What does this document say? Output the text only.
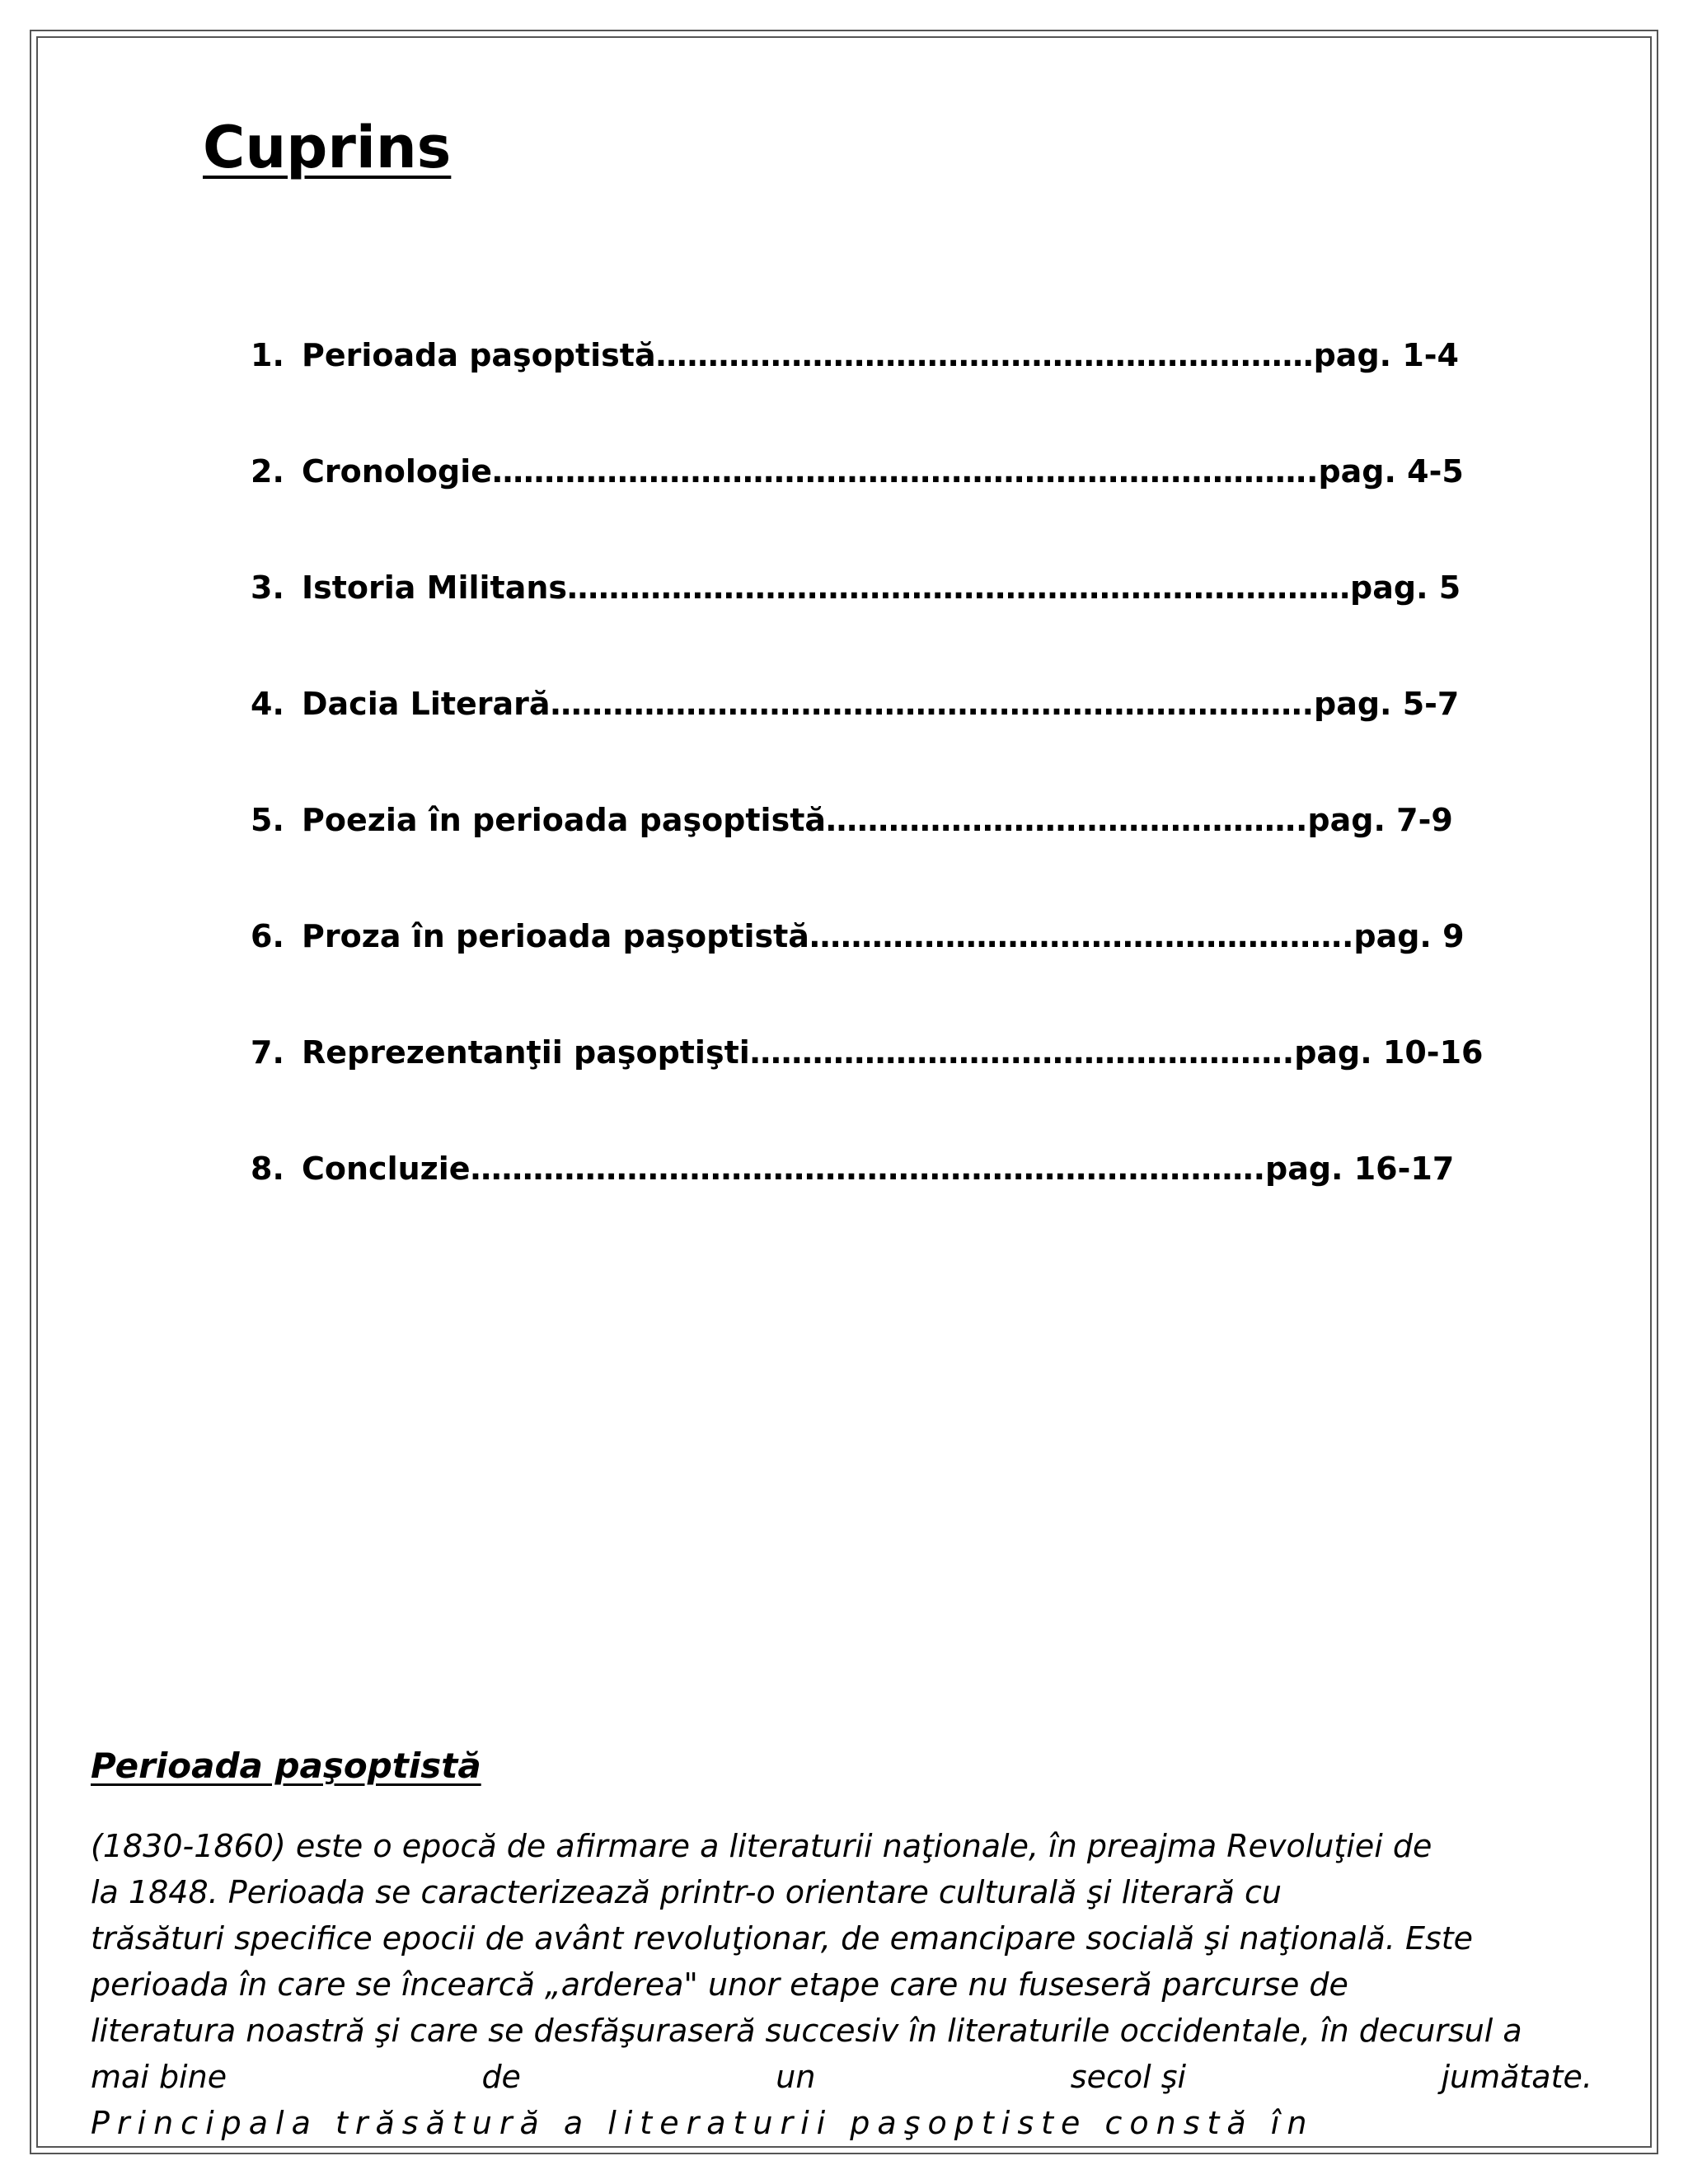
Cuprins
1. Perioada paşoptistă………………………………………………………pag. 1-4
2. Cronologie…………………………………………………………………….pag. 4-5
3. Istoria Militans…………………………………………………………………pag. 5
4. Dacia Literară……………………………………………………………….pag. 5-7
5. Poezia în perioada paşoptistă……………………………………….pag. 7-9
6. Proza în perioada paşoptistă…………………………………………….pag. 9
7. Reprezentanţii paşoptişti…………………………………………….pag. 10-16
8. Concluzie………………………………………………………………….pag. 16-17
Perioada paşoptistă
(1830-1860) este o epocă de afirmare a literaturii naţionale, în preajma Revoluţiei de
la 1848. Perioada se caracterizează printr-o orientare culturală şi literară cu
trăsături specifice epocii de avânt revoluţionar, de emancipare socială şi naţională. Este
perioada în care se încearcă „arderea" unor etape care nu fuseseră parcurse de
literatura noastră şi care se desfăşuraseră succesiv în literaturile occidentale, în decursul a
mai bine	de	un	secol şi	jumătate.
Principala trăsătură a literaturii paşoptiste constă în
